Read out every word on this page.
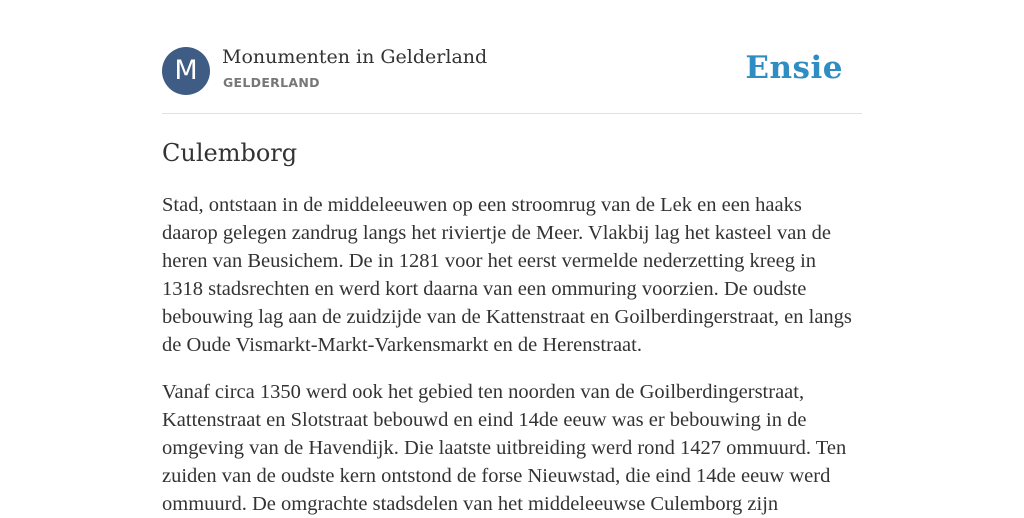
M	Monumenten in Gelderland
GELDERLAND	Ensie
Culemborg

Stad, ontstaan in de middeleeuwen op een stroomrug van de Lek en een haaks daarop gelegen zandrug langs het riviertje de Meer. Vlakbij lag het kasteel van de heren van Beusichem. De in 1281 voor het eerst vermelde nederzetting kreeg in 1318 stadsrechten en werd kort daarna van een ommuring voorzien. De oudste bebouwing lag aan de zuidzijde van de Kattenstraat en Goilberdingerstraat, en langs de Oude Vismarkt-Markt-Varkensmarkt en de Herenstraat.

Vanaf circa 1350 werd ook het gebied ten noorden van de Goilberdingerstraat, Kattenstraat en Slotstraat bebouwd en eind 14de eeuw was er bebouwing in de omgeving van de Havendijk. Die laatste uitbreiding werd rond 1427 ommuurd. Ten zuiden van de oudste kern ontstond de forse Nieuwstad, die eind 14de eeuw werd ommuurd. De omgrachte stadsdelen van het middeleeuwse Culemborg zijn
